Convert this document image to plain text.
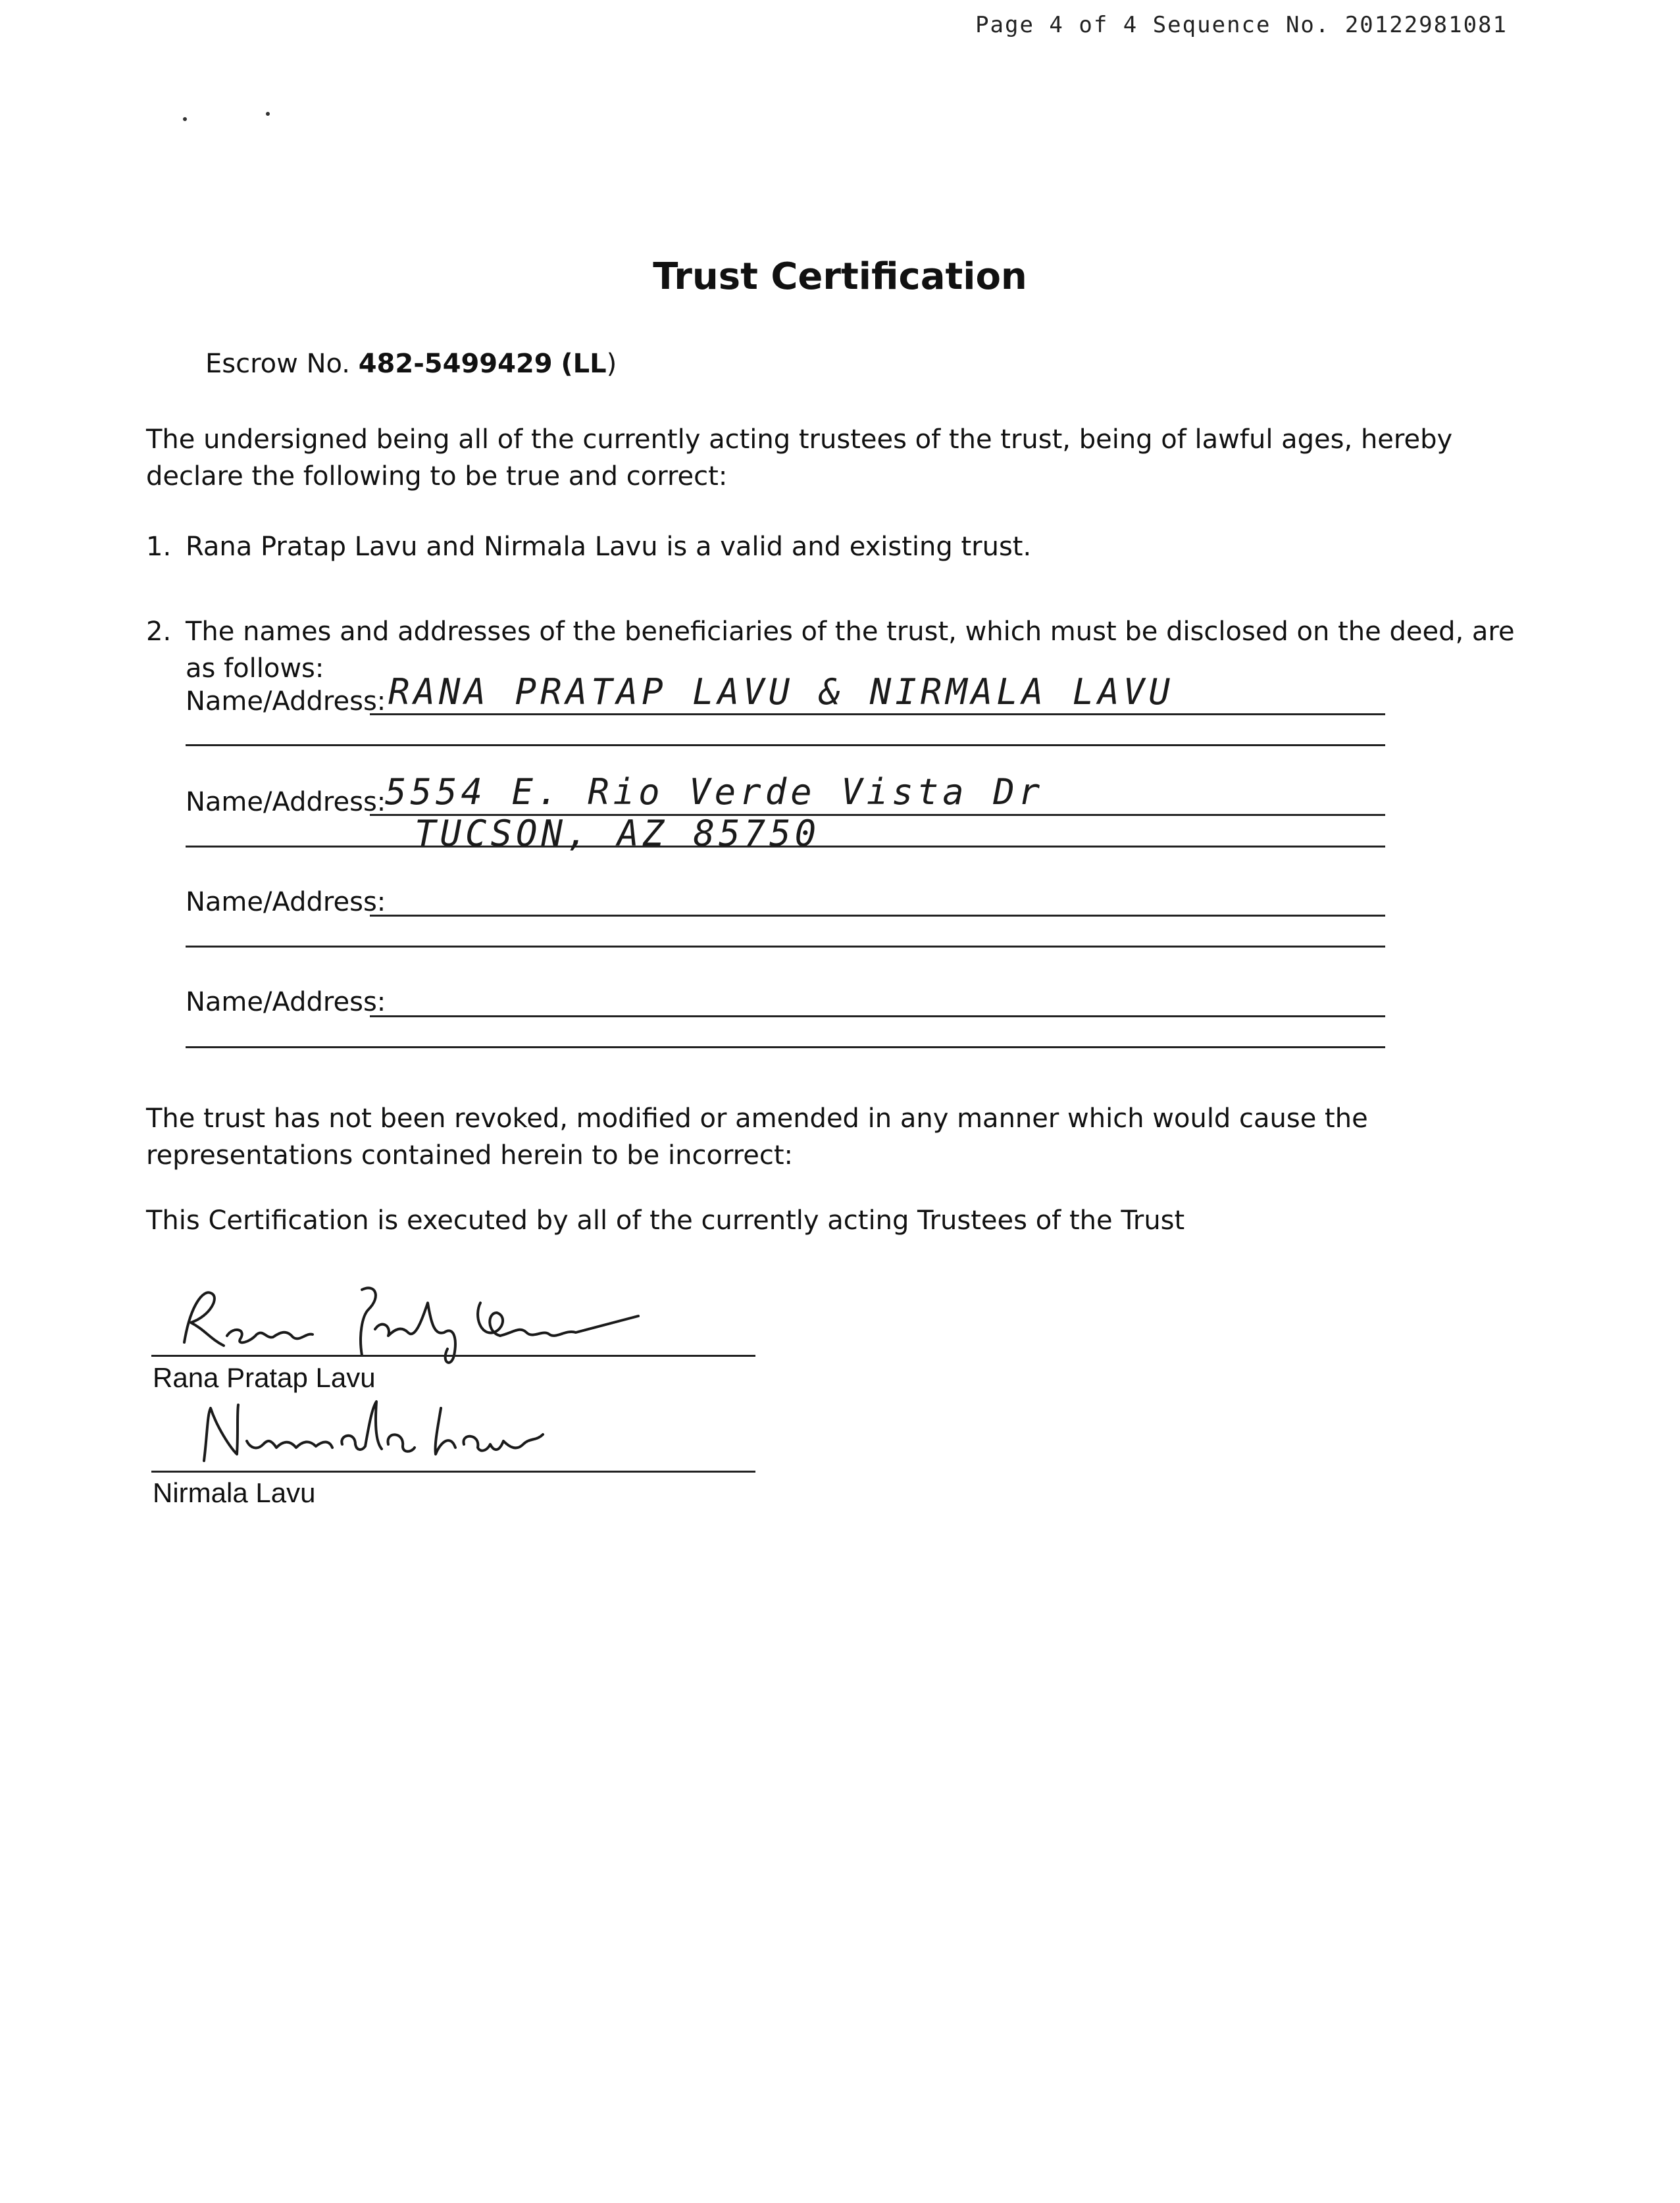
Page 4 of 4 Sequence No. 20122981081
Trust Certification
Escrow No. 482-5499429 (LL)
The undersigned being all of the currently acting trustees of the trust, being of lawful ages, hereby declare the following to be true and correct:
1. Rana Pratap Lavu and Nirmala Lavu is a valid and existing trust.
2. The names and addresses of the beneficiaries of the trust, which must be disclosed on the deed, are as follows:
Name/Address: RANA PRATAP LAVU & NIRMALA LAVU
Name/Address:
5554 E. Rio Verde Vista Dr
TUCSON, AZ 85750
Name/Address:
Name/Address:
The trust has not been revoked, modified or amended in any manner which would cause the representations contained herein to be incorrect:
This Certification is executed by all of the currently acting Trustees of the Trust
Rana Pratap Lavu
Nirmala Lavu
